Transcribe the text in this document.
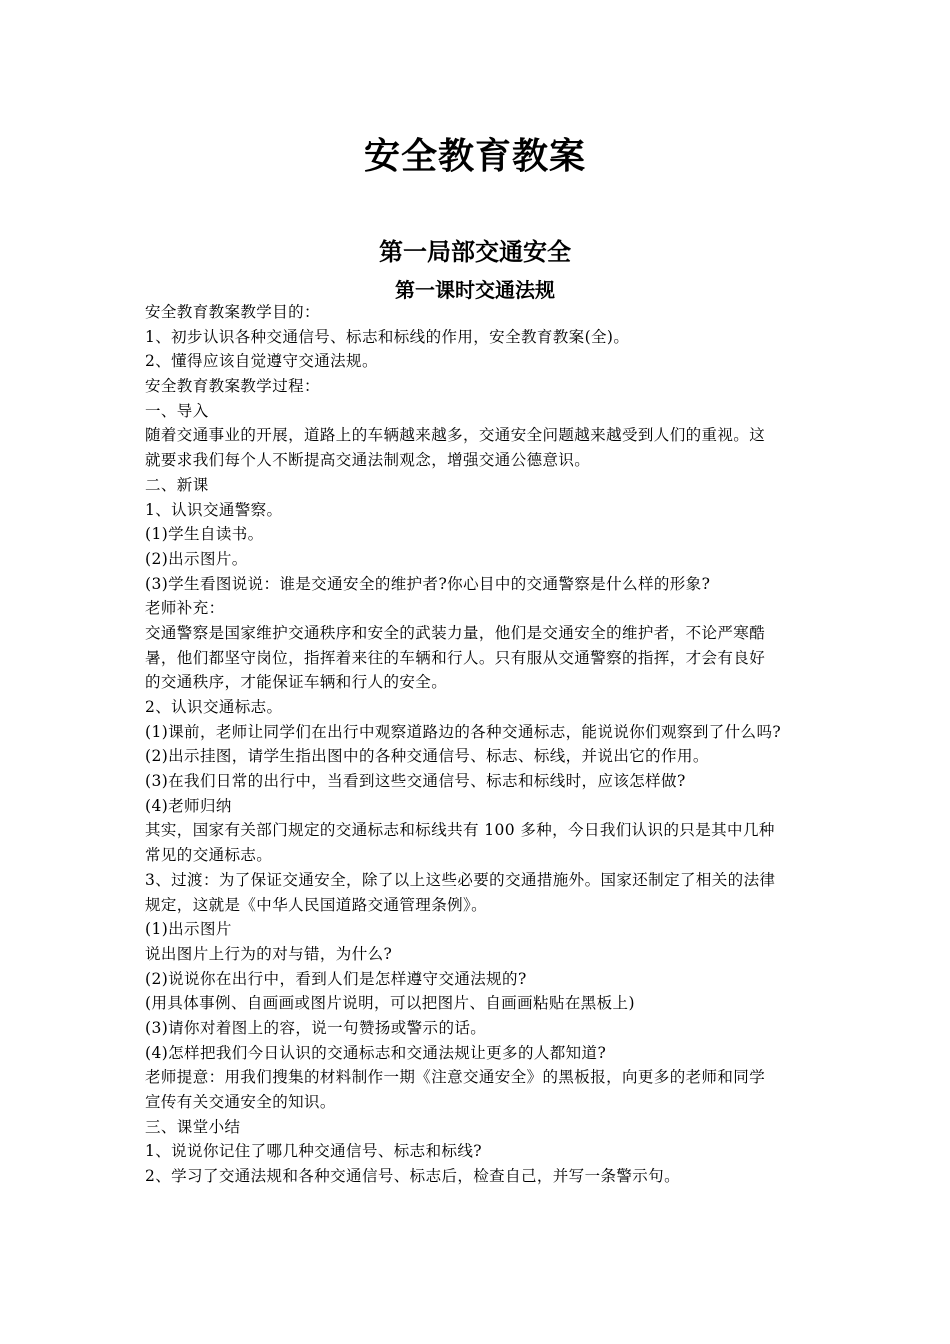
安全教育教案
第一局部交通安全
第一课时交通法规
安全教育教案教学目的：
1、初步认识各种交通信号、标志和标线的作用，安全教育教案(全)。
2、懂得应该自觉遵守交通法规。
安全教育教案教学过程：
一、导入
随着交通事业的开展，道路上的车辆越来越多，交通安全问题越来越受到人们的重视。这
就要求我们每个人不断提高交通法制观念，增强交通公德意识。
二、新课
1、认识交通警察。
(1)学生自读书。
(2)出示图片。
(3)学生看图说说：谁是交通安全的维护者?你心目中的交通警察是什么样的形象?
老师补充：
交通警察是国家维护交通秩序和安全的武装力量，他们是交通安全的维护者，不论严寒酷
暑，他们都坚守岗位，指挥着来往的车辆和行人。只有服从交通警察的指挥，才会有良好
的交通秩序，才能保证车辆和行人的安全。
2、认识交通标志。
(1)课前，老师让同学们在出行中观察道路边的各种交通标志，能说说你们观察到了什么吗?
(2)出示挂图，请学生指出图中的各种交通信号、标志、标线，并说出它的作用。
(3)在我们日常的出行中，当看到这些交通信号、标志和标线时，应该怎样做?
(4)老师归纳
其实，国家有关部门规定的交通标志和标线共有 100 多种，今日我们认识的只是其中几种
常见的交通标志。
3、过渡：为了保证交通安全，除了以上这些必要的交通措施外。国家还制定了相关的法律
规定，这就是《中华人民国道路交通管理条例》。
(1)出示图片
说出图片上行为的对与错，为什么?
(2)说说你在出行中，看到人们是怎样遵守交通法规的?
(用具体事例、自画画或图片说明，可以把图片、自画画粘贴在黑板上)
(3)请你对着图上的容，说一句赞扬或警示的话。
(4)怎样把我们今日认识的交通标志和交通法规让更多的人都知道?
老师提意：用我们搜集的材料制作一期《注意交通安全》的黑板报，向更多的老师和同学
宣传有关交通安全的知识。
三、课堂小结
1、说说你记住了哪几种交通信号、标志和标线?
2、学习了交通法规和各种交通信号、标志后，检查自己，并写一条警示句。
